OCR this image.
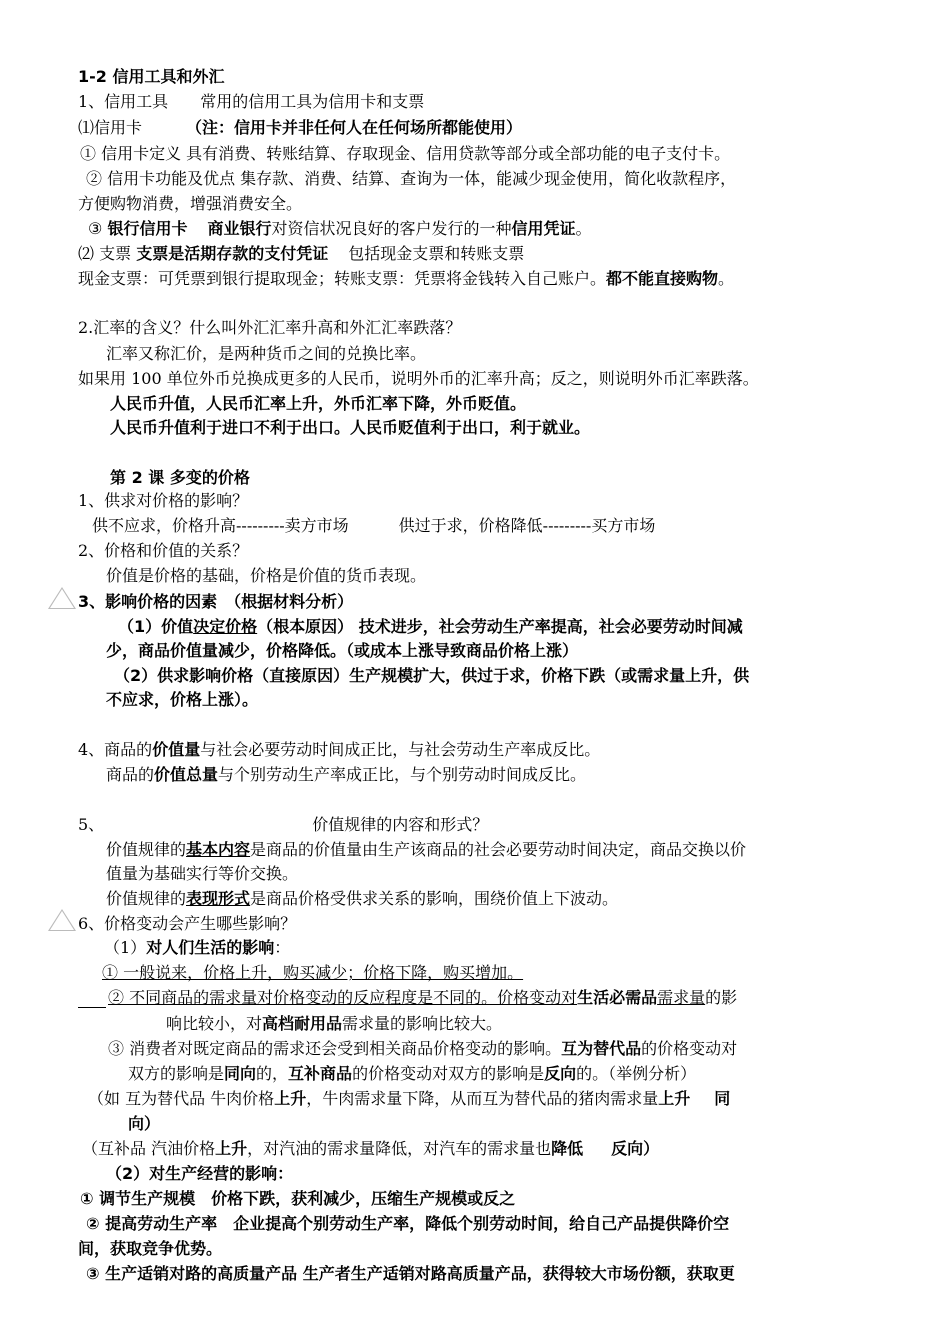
1-2 信用工具和外汇
1、信用工具 常用的信用工具为信用卡和支票
⑴信用卡	（注：信用卡并非任何人在任何场所都能使用）
① 信用卡定义 具有消费、转账结算、存取现金、信用贷款等部分或全部功能的电子支付卡。
② 信用卡功能及优点 集存款、消费、结算、查询为一体，能减少现金使用，简化收款程序，
方便购物消费，增强消费安全。
③ 银行信用卡 商业银行对资信状况良好的客户发行的一种信用凭证。
⑵ 支票 支票是活期存款的支付凭证 包括现金支票和转账支票
现金支票：可凭票到银行提取现金；转账支票：凭票将金钱转入自己账户。都不能直接购物。
2.汇率的含义？什么叫外汇汇率升高和外汇汇率跌落？
汇率又称汇价，是两种货币之间的兑换比率。
如果用 100 单位外币兑换成更多的人民币，说明外币的汇率升高；反之，则说明外币汇率跌落。
人民币升值，人民币汇率上升，外币汇率下降，外币贬值。
人民币升值利于进口不利于出口。人民币贬值利于出口，利于就业。
第 2 课 多变的价格
1、供求对价格的影响？
供不应求，价格升高---------卖方市场	供过于求，价格降低---------买方市场
2、价格和价值的关系？
价值是价格的基础，价格是价值的货币表现。
3、影响价格的因素　（根据材料分析）
（1）价值决定价格（根本原因） 技术进步，社会劳动生产率提高，社会必要劳动时间减
少，商品价值量减少，价格降低。（或成本上涨导致商品价格上涨）
（2）供求影响价格（直接原因）生产规模扩大，供过于求，价格下跌（或需求量上升，供
不应求，价格上涨）。
4、商品的价值量与社会必要劳动时间成正比，与社会劳动生产率成反比。
商品的价值总量与个别劳动生产率成正比，与个别劳动时间成反比。
5、	价值规律的内容和形式？
价值规律的基本内容是商品的价值量由生产该商品的社会必要劳动时间决定，商品交换以价
值量为基础实行等价交换。
价值规律的表现形式是商品价格受供求关系的影响，围绕价值上下波动。
6、价格变动会产生哪些影响？
（1）对人们生活的影响：
① 一般说来，价格上升，购买减少；价格下降，购买增加。
② 不同商品的需求量对价格变动的反应程度是不同的。价格变动对生活必需品需求量的影
响比较小，对高档耐用品需求量的影响比较大。
③ 消费者对既定商品的需求还会受到相关商品价格变动的影响。互为替代品的价格变动对
双方的影响是同向的，互补商品的价格变动对双方的影响是反向的。（举例分析）
（如 互为替代品 牛肉价格上升，牛肉需求量下降，从而互为替代品的猪肉需求量上升 同
向）
（互补品 汽油价格上升，对汽油的需求量降低，对汽车的需求量也降低 反向）
（2）对生产经营的影响：
① 调节生产规模　价格下跌，获利减少，压缩生产规模或反之
② 提高劳动生产率　企业提高个别劳动生产率，降低个别劳动时间，给自己产品提供降价空
间，获取竞争优势。
③ 生产适销对路的高质量产品 生产者生产适销对路高质量产品，获得较大市场份额，获取更
